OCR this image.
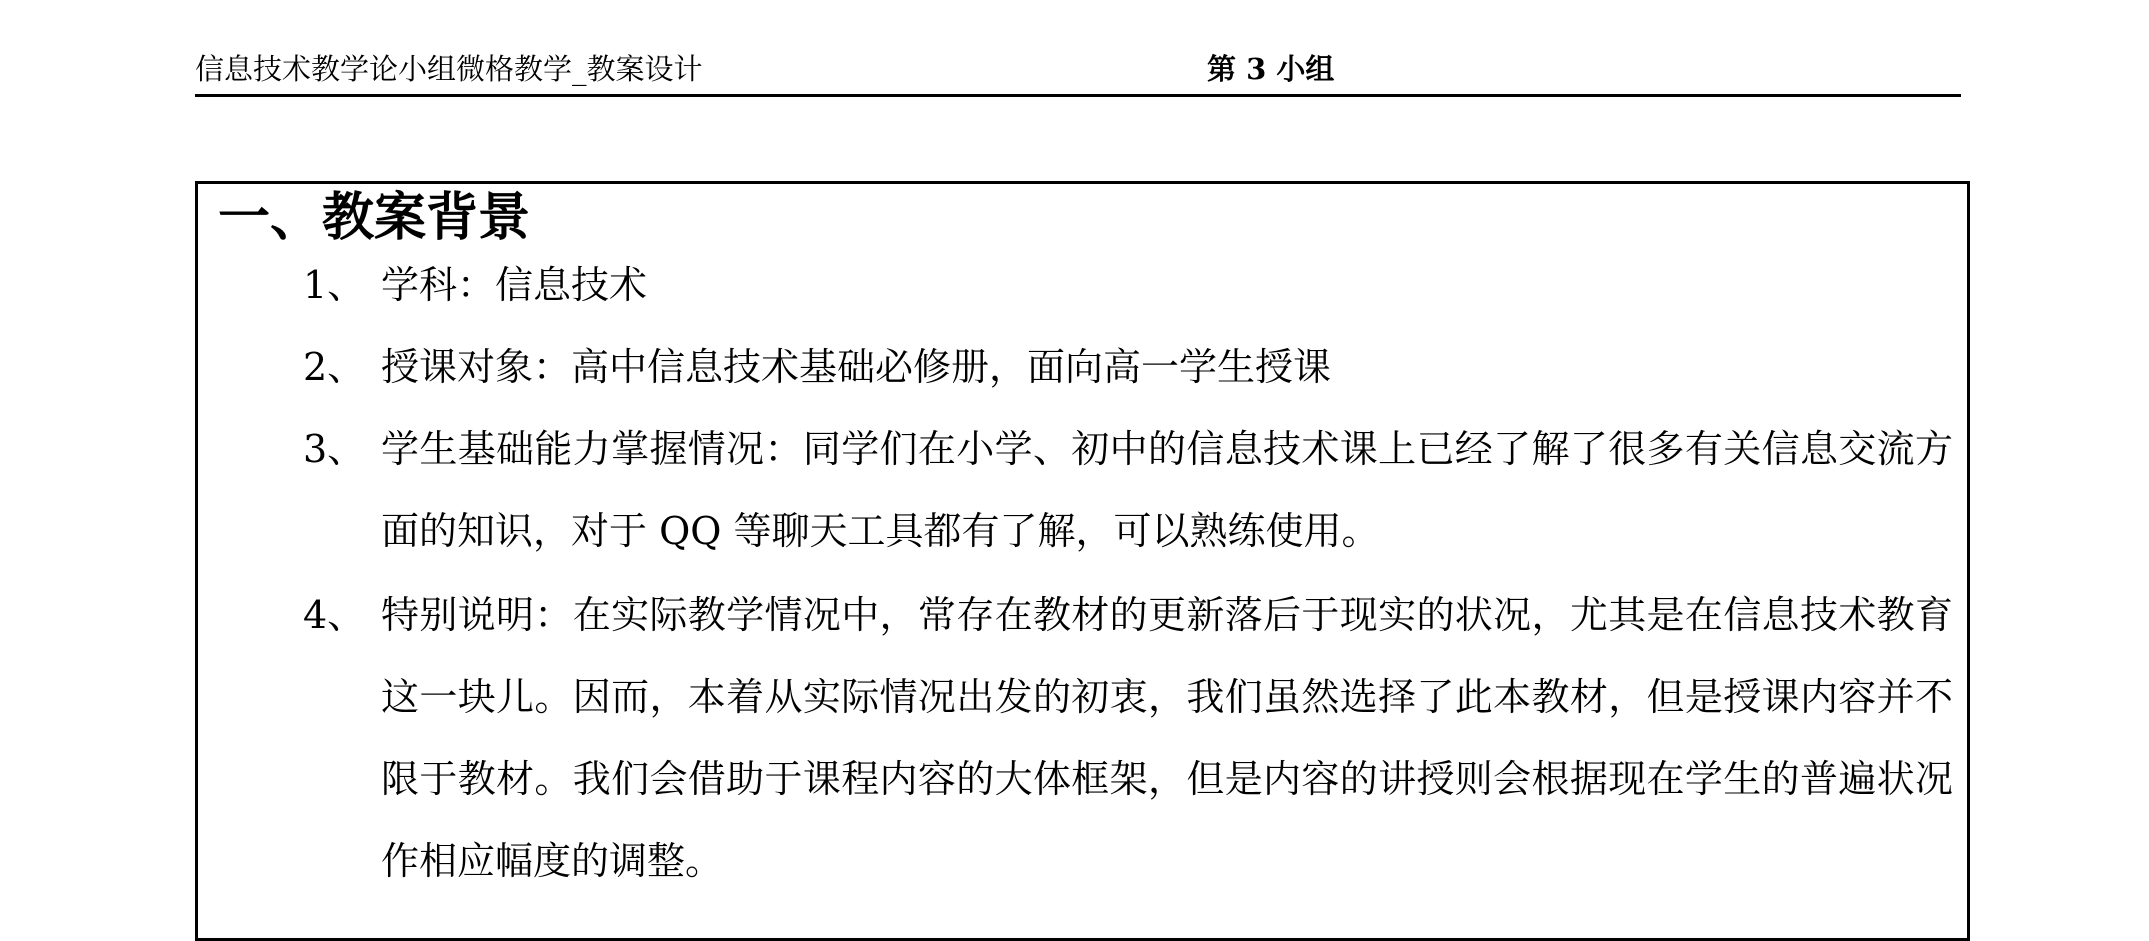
信息技术教学论小组微格教学_教案设计	第 3 小组
一、教案背景
1、 学科：信息技术
2、 授课对象：高中信息技术基础必修册，面向高一学生授课
3、 学生基础能力掌握情况：同学们在小学、初中的信息技术课上已经了解了很多有关信息交流方面的知识，对于 QQ 等聊天工具都有了解，可以熟练使用。
4、 特别说明：在实际教学情况中，常存在教材的更新落后于现实的状况，尤其是在信息技术教育这一块儿。因而，本着从实际情况出发的初衷，我们虽然选择了此本教材，但是授课内容并不限于教材。我们会借助于课程内容的大体框架，但是内容的讲授则会根据现在学生的普遍状况作相应幅度的调整。
